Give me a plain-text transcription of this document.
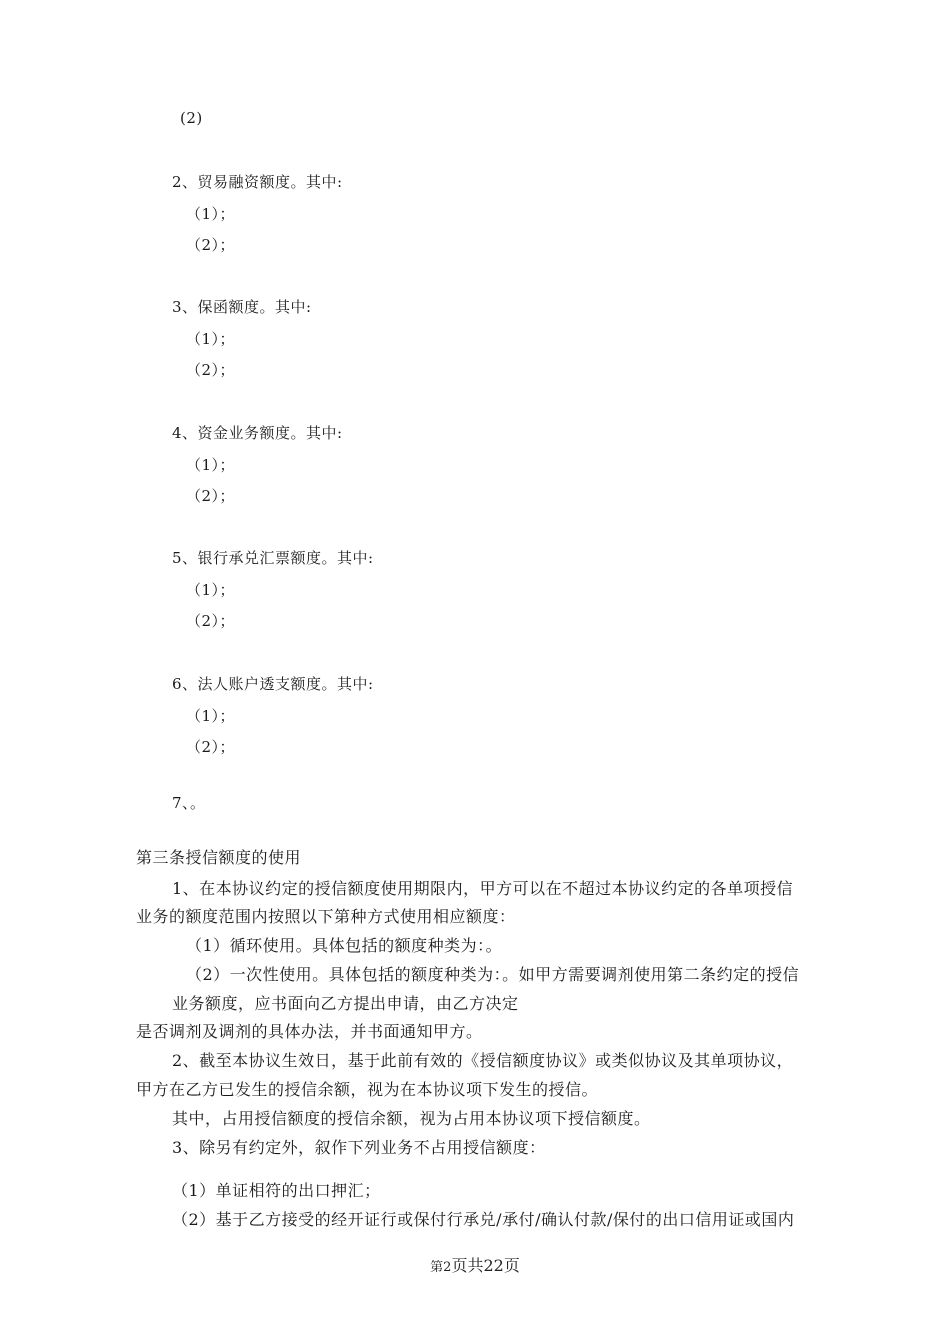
(2)
2、贸易融资额度。其中:
（1）；
（2）；
3、保函额度。其中:
（1）；
（2）；
4、资金业务额度。其中:
（1）；
（2）；
5、银行承兑汇票额度。其中:
（1）；
（2）；
6、法人账户透支额度。其中:
（1）；
（2）；
7、。
第三条授信额度的使用
1、在本协议约定的授信额度使用期限内，甲方可以在不超过本协议约定的各单项授信
业务的额度范围内按照以下第种方式使用相应额度：
（1）循环使用。具体包括的额度种类为：。
（2）一次性使用。具体包括的额度种类为：。如甲方需要调剂使用第二条约定的授信
业务额度，应书面向乙方提出申请，由乙方决定
是否调剂及调剂的具体办法，并书面通知甲方。
2、截至本协议生效日，基于此前有效的《授信额度协议》或类似协议及其单项协议，
甲方在乙方已发生的授信余额，视为在本协议项下发生的授信。
其中，占用授信额度的授信余额，视为占用本协议项下授信额度。
3、除另有约定外，叙作下列业务不占用授信额度：
（1）单证相符的出口押汇；
（2）基于乙方接受的经开证行或保付行承兑/承付/确认付款/保付的出口信用证或国内
第2页共22页
